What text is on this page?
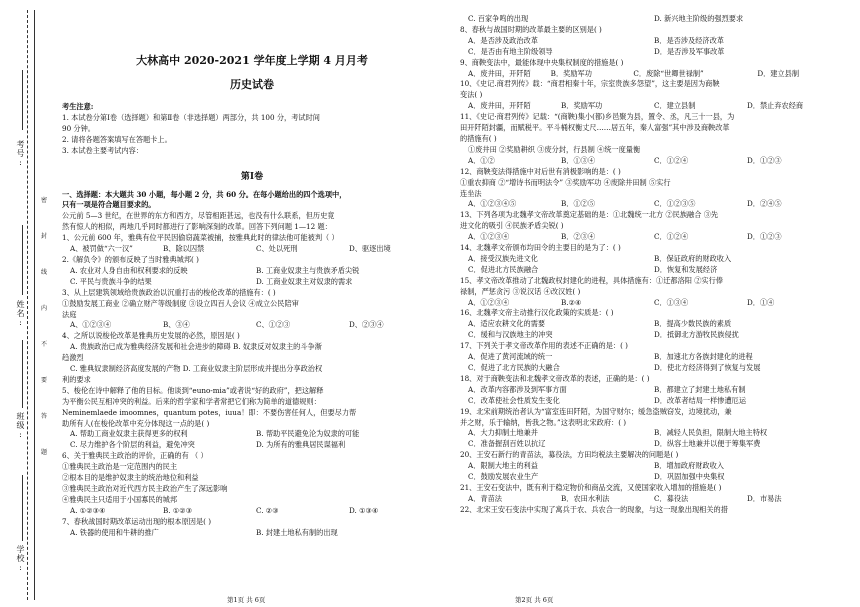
考号:
姓名:
班级:
学校:
密
封
线
内
不
要
答
题
大林高中 2020-2021 学年度上学期 4 月月考
历史试卷
考生注意:
1. 本试卷分第Ⅰ卷（选择题）和第Ⅱ卷（非选择题）两部分，共 100 分，考试时间
90 分钟。
2. 请将各题答案填写在答题卡上。
3. 本试卷主要考试内容：
第Ⅰ卷
一、选择题：本大题共 30 小题，每小题 2 分，共 60 分。在每小题给出的四个选项中，
只有一项是符合题目要求的。
公元前 5—3 世纪，在世界的东方和西方，尽管相距甚远，也没有什么联系，但历史竟
然有惊人的相似，两地几乎同时都进行了影响深刻的改革。回答下列问题 1—12 题：
1、公元前 600 年，雅典有位平民因偷窃蔬菜被捕，按雅典此时的律法他可能被判（ ）
A、被罚做“六一汉”	B、除以囚禁	C、处以死刑	D、驱逐出境
2.《解负令》的颁布反映了当时雅典城邦( )
A. 农业对人身自由和权利要求的反映	B. 工商业奴隶主与贵族矛盾尖锐
C. 平民与贵族斗争的结果	D. 工商业奴隶主对奴隶的需求
3、从上层建筑领域给贵族政治以沉重打击的梭伦改革的措施有：( )
①鼓励发展工商业 ②确立财产等级制度 ③设立四百人会议 ④成立公民陪审
法庭
A、①②③④	B、③④	C、①②③	D、②③④
4、之所以说梭伦改革是雅典历史发展的必然，原因是( )
A. 贵族政治已成为雅典经济发展和社会进步的障碍 B. 奴隶反对奴隶主的斗争渐
趋激烈
C. 雅典奴隶制经济高度发展的产物 D. 工商业奴隶主阶层形成并提出分享政治权
利的要求
5、梭伦在诗中解释了他的目标。他谈到“euno-mia”或者说“好的政府”，把这解释
为平衡公民互相冲突的利益。后来的哲学家和学者常把它们称为简单的道德规则：
Neminemlaede imoomnes，quantum potes，iuua！即：不要伤害任何人，但要尽力帮
助所有人(在梭伦改革中充分体现这一点的是( )
A. 帮助工商业奴隶主获得更多的权利	B. 帮助平民避免沦为奴隶的可能
C. 尽力维护各个阶层的利益，避免冲突	D. 为所有的雅典居民谋福利
6、关于雅典民主政治的评价，正确的有 （ ）
①雅典民主政治是一定范围内的民主
②根本目的是维护奴隶主的统治地位和利益
③雅典民主政治对近代西方民主政治产生了深远影响
④雅典民主只适用于小国寡民的城邦
A. ①②③④	B. ①②③	C. ②③	D. ①③④
7、春秋战国时期改革运动出现的根本原因是( )
A. 铁器的使用和牛耕的推广	B. 封建土地私有制的出现
第1页 共 6页
C. 百家争鸣的出现	D. 新兴地主阶级的强烈要求
8、春秋与战国时期的改革最主要的区别是( )
A．是否涉及政治改革	B．是否涉及经济改革
C．是否由有地主阶级领导	D．是否涉及军事改革
9、商鞅变法中，最能体现中央集权制度的措施是( )
A．废井田，开阡陌	B．奖励军功	C．废除“世卿世禄制”	D．建立县制
10、《史记.商君列传》载：“商君相秦十年，宗室贵族多怨望”，这主要是因为商鞅
变法( )
A．废井田，开阡陌	B．奖励军功	C．建立县制	D．禁止弃农经商
11、《史记·商君列传》记载：“(商鞅)集小(都)乡邑聚为县，置令、丞，凡三十一县，为
田开阡陌封疆，而赋税平。平斗桶权衡丈尺……居五年，秦人富强”其中涉及商鞅改革
的措施有( )
①废井田 ②奖励耕织 ③废分封，行县制 ④统一度量衡
A．①②	B．①③④	C．①②④	D．①②③
12、商鞅变法得措施中对后世有消极影响的是：( )
①重农抑商 ②“增诗书而明法令” ③奖励军功 ④废除井田制 ⑤实行
连坐法
A．①②③④⑤	B．①②⑤	C．①②③⑤	D．②④⑤
13、下列各项为北魏孝文帝改革奠定基础的是：①北魏统一北方 ②民族融合 ③先
进文化的吸引 ④民族矛盾尖锐( )
A．①②③④	B．②③④	C．①②④	D．①②③
14、北魏孝文帝颁布均田令的主要目的是为了：( )
A．接受汉族先进文化	B．保证政府的财政收入
C．促进北方民族融合	D．恢复和发展经济
15、孝文帝改革推动了北魏政权封建化的进程，具体措施有：①迁都洛阳 ②实行俸
禄制，严惩贪污 ③说汉话 ④改汉姓( )
A．①②③④	B.②④	C．①③④	D．①④
16、北魏孝文帝主动推行汉化政策的实质是：( )
A．适应农耕文化的需要	B．提高少数民族的素质
C．缓和与汉族地主的冲突	D．抵御北方游牧民族侵扰
17、下列关于孝文帝改革作用的表述不正确的是：( )
A．促进了黄河流域的统一	B．加速北方各族封建化的进程
C．促进了北方民族的大融合	D．使北方经济得到了恢复与发展
18、对于商鞅变法和北魏孝文帝改革的表述，正确的是：( )
A．改革内容都涉及到军事方面	B．都建立了封建土地私有制
C．改革使社会性质发生变化	D．改革者结局一样惨遭厄运
19、北宋前期统治者认为“富室连田阡陌，为国守财尔；缓急盗贼窃发，边境扰动，兼
并之财，乐于输纳，皆我之物。”这表明北宋政府：( )
A．大力抑制土地兼并	B．减轻人民负担，限制大地主特权
C．准备握刮百姓以抗辽	D．纵容土地兼并以便于筹集军费
20、王安石新行的青苗法，募役法，方田均税法主要解决的问题是( )
A．限制大地主的利益	B．增加政府财政收入
C．鼓励发展农业生产	D．巩固加强中央集权
21、王安石变法中，既有利于稳定物价和商品交流，又使国家收入增加的措施是( )
A．青苗法	B．农田水利法	C．募役法	D．市易法
22、北宋王安石变法中实现了寓兵于农、兵农合一的现象，与这一现象出现相关的措
第2页 共 6页
